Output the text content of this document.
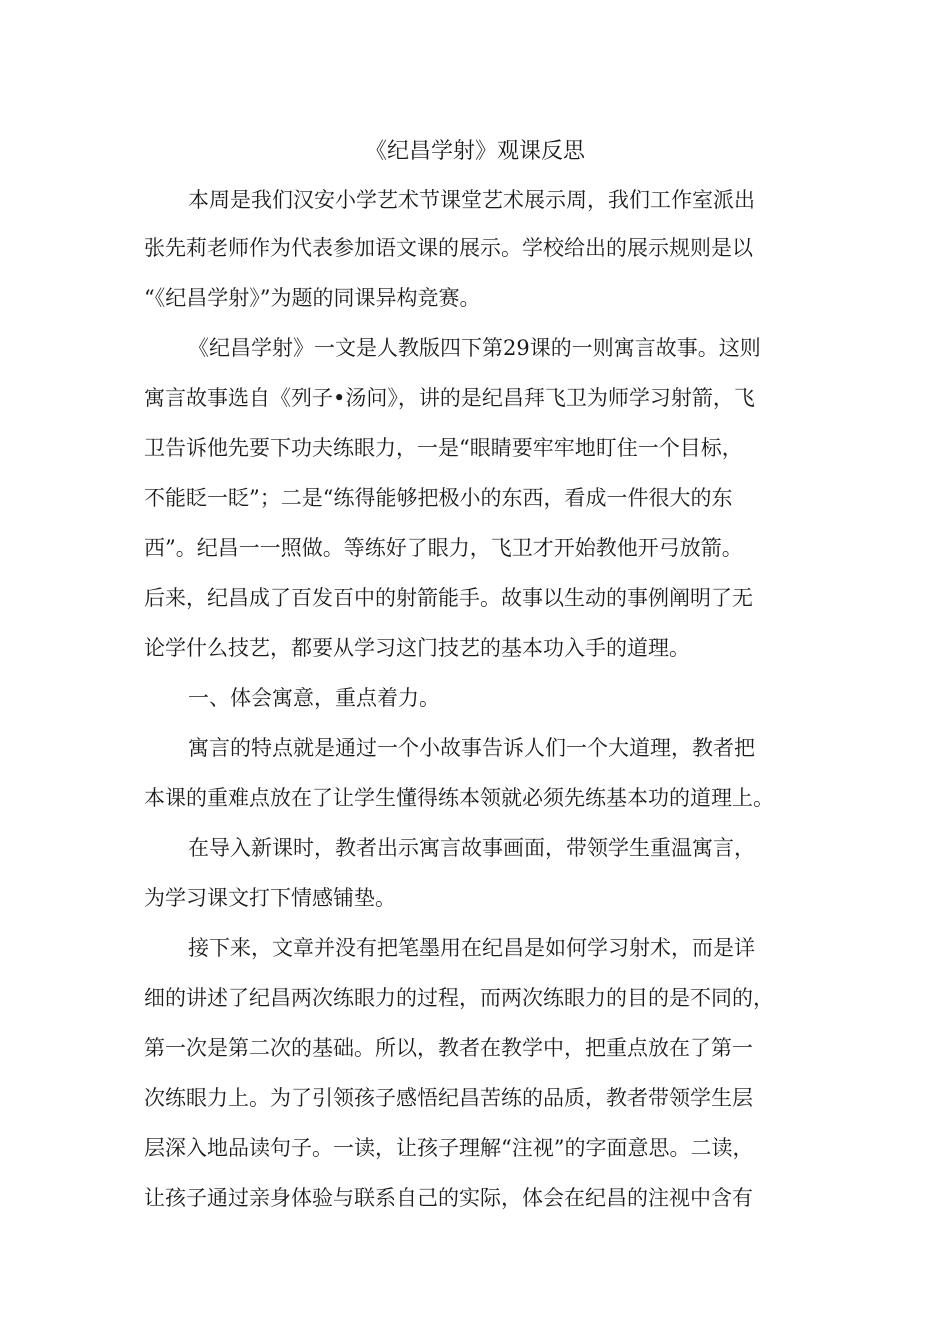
《纪昌学射》观课反思

本周是我们汉安小学艺术节课堂艺术展示周，我们工作室派出

张先莉老师作为代表参加语文课的展示。学校给出的展示规则是以

“《纪昌学射》”为题的同课异构竞赛。

《纪昌学射》一文是人教版四下第29课的一则寓言故事。这则

寓言故事选自《列子•汤问》，讲的是纪昌拜飞卫为师学习射箭，飞

卫告诉他先要下功夫练眼力，一是“眼睛要牢牢地盯住一个目标，

不能眨一眨”；二是“练得能够把极小的东西，看成一件很大的东

西”。纪昌一一照做。等练好了眼力，飞卫才开始教他开弓放箭。

后来，纪昌成了百发百中的射箭能手。故事以生动的事例阐明了无

论学什么技艺，都要从学习这门技艺的基本功入手的道理。

一、体会寓意，重点着力。

寓言的特点就是通过一个小故事告诉人们一个大道理，教者把

本课的重难点放在了让学生懂得练本领就必须先练基本功的道理上。

在导入新课时，教者出示寓言故事画面，带领学生重温寓言，

为学习课文打下情感铺垫。

接下来，文章并没有把笔墨用在纪昌是如何学习射术，而是详

细的讲述了纪昌两次练眼力的过程，而两次练眼力的目的是不同的，

第一次是第二次的基础。所以，教者在教学中，把重点放在了第一

次练眼力上。为了引领孩子感悟纪昌苦练的品质，教者带领学生层

层深入地品读句子。一读，让孩子理解“注视”的字面意思。二读，

让孩子通过亲身体验与联系自己的实际，体会在纪昌的注视中含有
